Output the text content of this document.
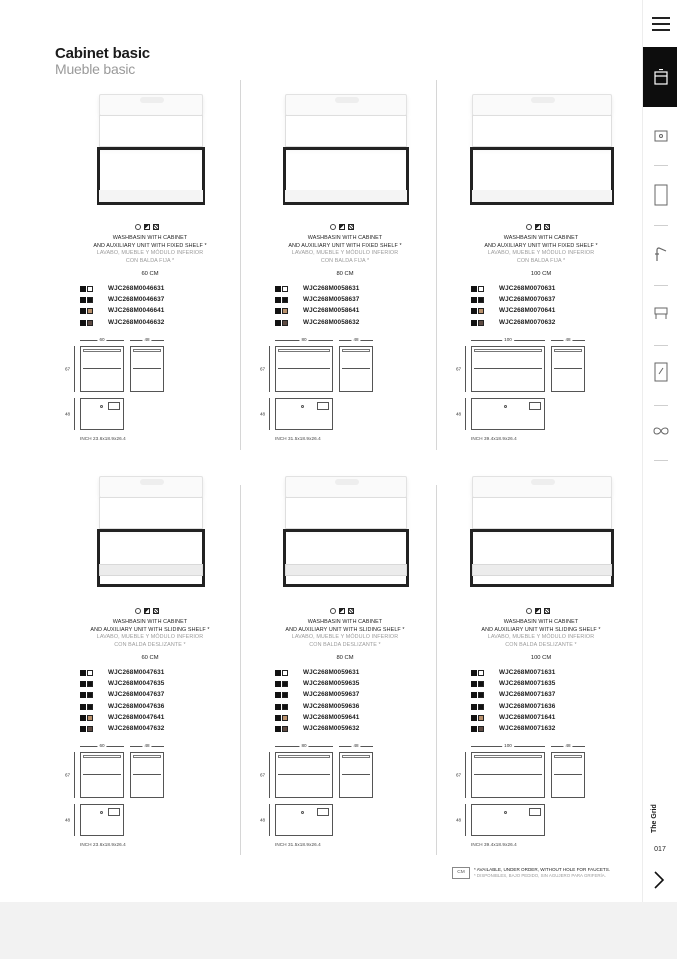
Cabinet basic
Mueble basic
WASHBASIN WITH CABINET
AND AUXILIARY UNIT WITH FIXED SHELF *
LAVABO, MUEBLE Y MÓDULO INFERIOR
CON BALDA FIJA *
60 CM
WJC268M0046631
WJC268M0046637
WJC268M0046641
WJC268M0046632
60	48
67
48
INCH 23.6x18.9x26.4
WASHBASIN WITH CABINET
AND AUXILIARY UNIT WITH FIXED SHELF *
LAVABO, MUEBLE Y MÓDULO INFERIOR
CON BALDA FIJA *
80 CM
WJC268M0058631
WJC268M0058637
WJC268M0058641
WJC268M0058632
80	48
67
48
INCH 31.5x18.9x26.4
WASHBASIN WITH CABINET
AND AUXILIARY UNIT WITH FIXED SHELF *
LAVABO, MUEBLE Y MÓDULO INFERIOR
CON BALDA FIJA *
100 CM
WJC268M0070631
WJC268M0070637
WJC268M0070641
WJC268M0070632
100	48
67
48
INCH 39.4x18.9x26.4
WASHBASIN WITH CABINET
AND AUXILIARY UNIT WITH SLIDING SHELF *
LAVABO, MUEBLE Y MÓDULO INFERIOR
CON BALDA DESLIZANTE *
60 CM
WJC268M0047631
WJC268M0047635
WJC268M0047637
WJC268M0047636
WJC268M0047641
WJC268M0047632
60	48
67
48
INCH 23.6x18.9x26.4
WASHBASIN WITH CABINET
AND AUXILIARY UNIT WITH SLIDING SHELF *
LAVABO, MUEBLE Y MÓDULO INFERIOR
CON BALDA DESLIZANTE *
80 CM
WJC268M0059631
WJC268M0059635
WJC268M0059637
WJC268M0059636
WJC268M0059641
WJC268M0059632
80	48
67
48
INCH 31.5x18.9x26.4
WASHBASIN WITH CABINET
AND AUXILIARY UNIT WITH SLIDING SHELF *
LAVABO, MUEBLE Y MÓDULO INFERIOR
CON BALDA DESLIZANTE *
100 CM
WJC268M0071631
WJC268M0071635
WJC268M0071637
WJC268M0071636
WJC268M0071641
WJC268M0071632
100	48
67
48
INCH 39.4x18.9x26.4
CM
* AVAILABLE, UNDER ORDER, WITHOUT HOLE FOR FAUCETS.
* DISPONIBLES, BAJO PEDIDO, SIN AGUJERO PARA GRIFERÍA.
The Grid
017
